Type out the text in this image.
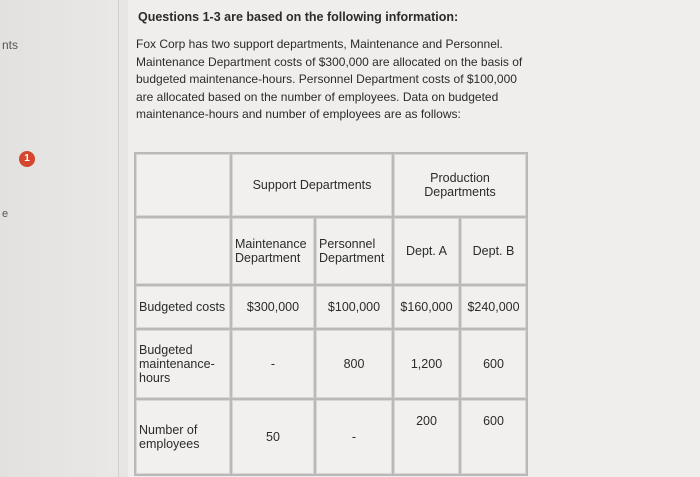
nts
1
e
Questions 1-3 are based on the following information:
Fox Corp has two support departments, Maintenance and Personnel. Maintenance Department costs of $300,000 are allocated on the basis of budgeted maintenance-hours. Personnel Department costs of $100,000 are allocated based on the number of employees. Data on budgeted maintenance-hours and number of employees are as follows:
	Support Departments		Production Departments	
	Maintenance Department	Personnel Department	Dept. A	Dept. B
Budgeted costs	$300,000	$100,000	$160,000	$240,000
Budgeted maintenance-hours	-	800	1,200	600
Number of employees	50	-	200	600
